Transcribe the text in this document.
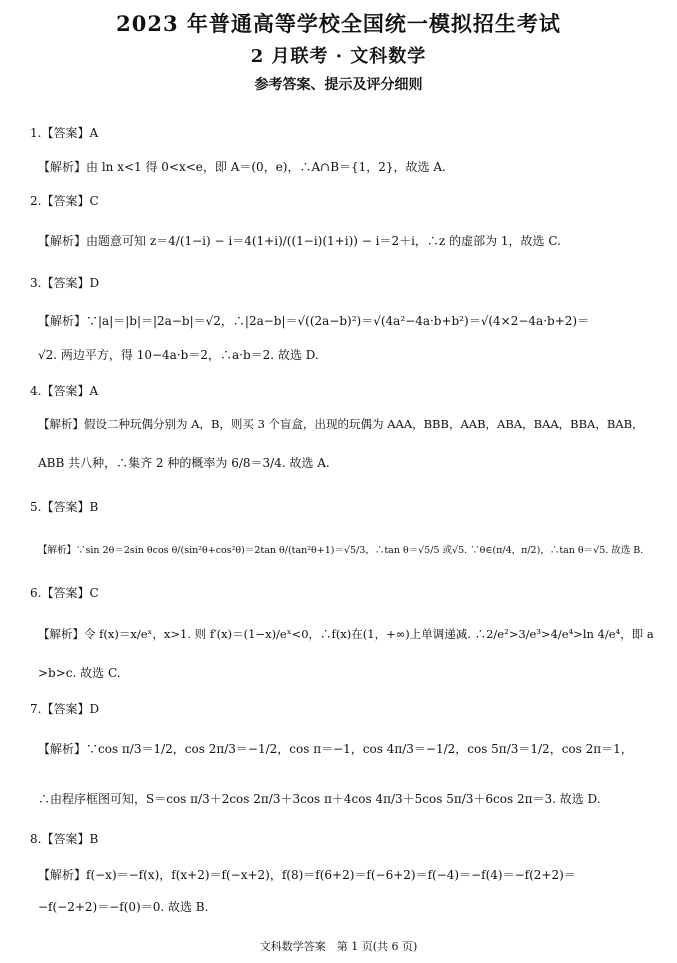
2023 年普通高等学校全国统一模拟招生考试
2 月联考 · 文科数学
参考答案、提示及评分细则
1.【答案】A
【解析】由 ln x<1 得 0<x<e，即 A＝(0，e)，∴A∩B＝{1，2}，故选 A.
2.【答案】C
【解析】由题意可知 z＝4/(1−i) − i＝4(1+i)/((1−i)(1+i)) − i＝2＋i，∴z 的虚部为 1，故选 C.
3.【答案】D
【解析】∵|a|＝|b|＝|2a−b|＝√2，∴|2a−b|＝√((2a−b)²)＝√(4a²−4a·b+b²)＝√(4×2−4a·b+2)＝
√2. 两边平方，得 10−4a·b＝2，∴a·b＝2. 故选 D.
4.【答案】A
【解析】假设二种玩偶分别为 A，B，则买 3 个盲盒，出现的玩偶为 AAA，BBB，AAB，ABA，BAA，BBA，BAB，
ABB 共八种，∴集齐 2 种的概率为 6/8＝3/4. 故选 A.
5.【答案】B
【解析】∵sin 2θ＝2sin θcos θ/(sin²θ+cos²θ)＝2tan θ/(tan²θ+1)＝√5/3，∴tan θ＝√5/5 或√5. ∵θ∈(π/4，π/2)，∴tan θ＝√5. 故选 B.
6.【答案】C
【解析】令 f(x)＝x/eˣ，x>1. 则 f′(x)＝(1−x)/eˣ<0，∴f(x)在(1，+∞)上单调递减. ∴2/e²>3/e³>4/e⁴>ln 4/e⁴，即 a
>b>c. 故选 C.
7.【答案】D
【解析】∵cos π/3＝1/2，cos 2π/3＝−1/2，cos π＝−1，cos 4π/3＝−1/2，cos 5π/3＝1/2，cos 2π＝1，
∴由程序框图可知，S＝cos π/3＋2cos 2π/3＋3cos π＋4cos 4π/3＋5cos 5π/3＋6cos 2π＝3. 故选 D.
8.【答案】B
【解析】f(−x)＝−f(x)，f(x+2)＝f(−x+2)，f(8)＝f(6+2)＝f(−6+2)＝f(−4)＝−f(4)＝−f(2+2)＝
−f(−2+2)＝−f(0)＝0. 故选 B.
文科数学答案　第 1 页(共 6 页)
